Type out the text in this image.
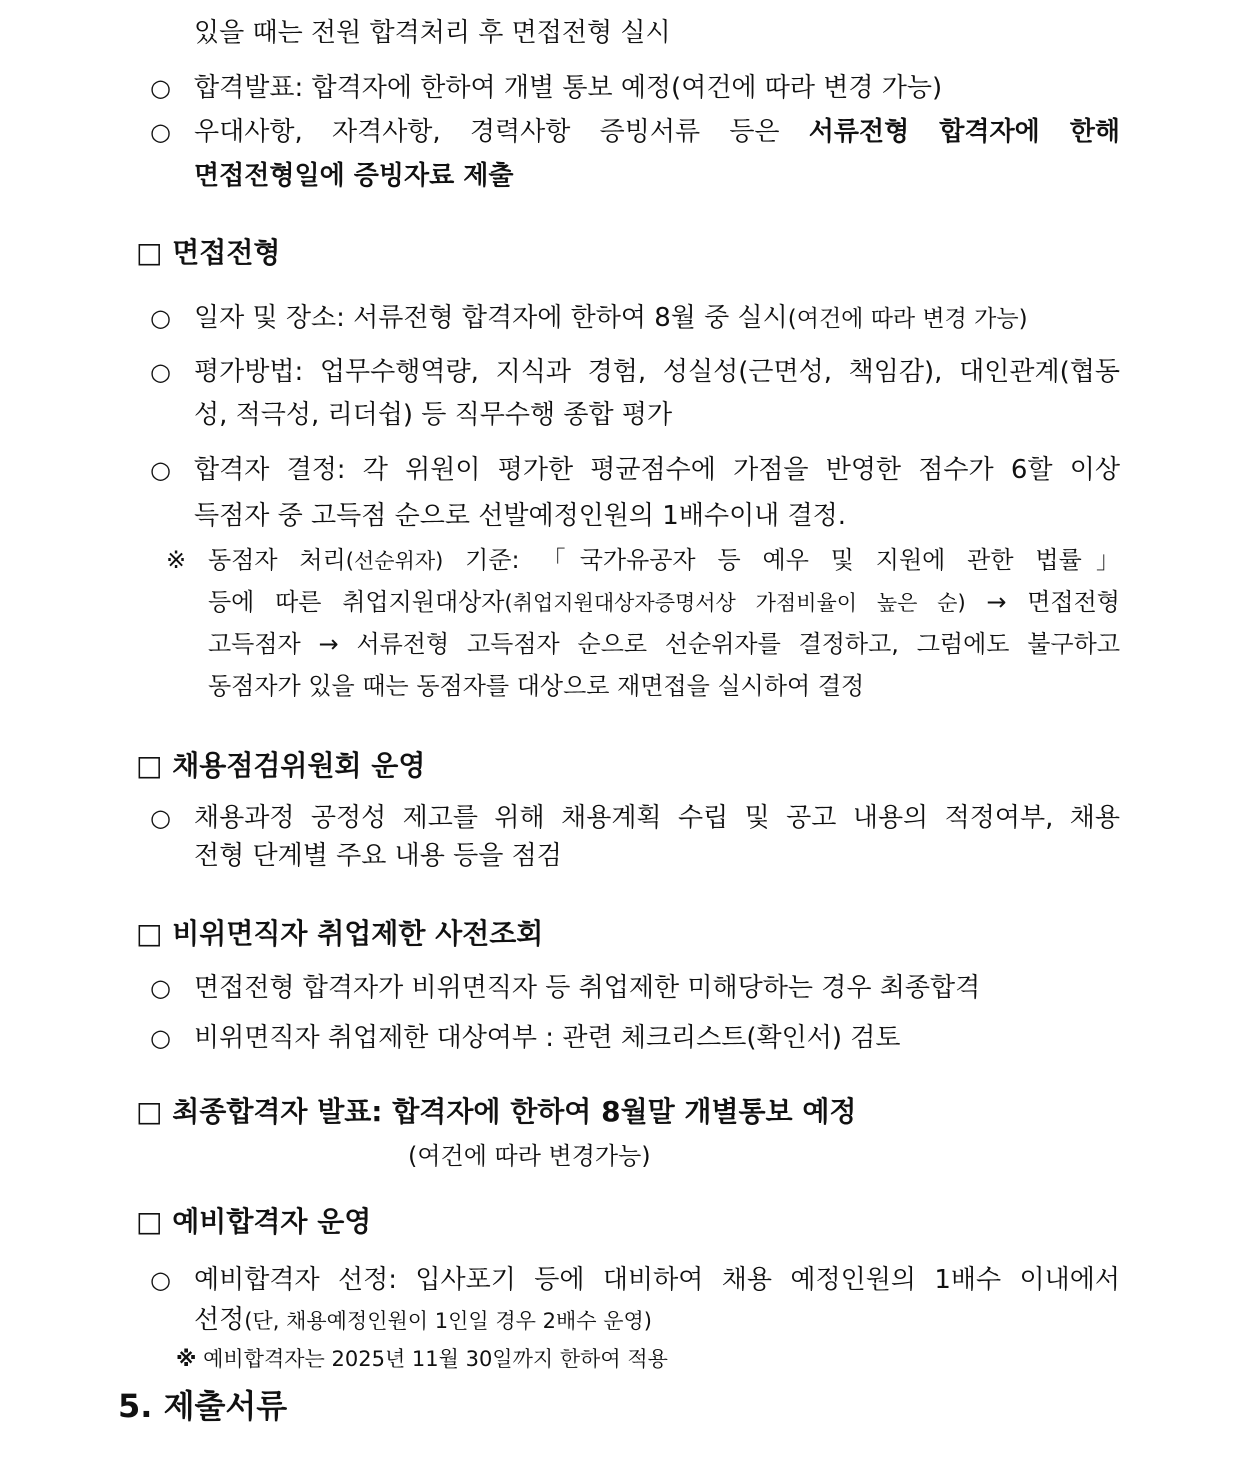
있을 때는 전원 합격처리 후 면접전형 실시
○ 합격발표: 합격자에 한하여 개별 통보 예정(여건에 따라 변경 가능)
○ 우대사항, 자격사항, 경력사항 증빙서류 등은 서류전형 합격자에 한해
면접전형일에 증빙자료 제출
□ 면접전형
○ 일자 및 장소: 서류전형 합격자에 한하여 8월 중 실시(여건에 따라 변경 가능)
○ 평가방법: 업무수행역량, 지식과 경험, 성실성(근면성, 책임감), 대인관계(협동
성, 적극성, 리더쉽) 등 직무수행 종합 평가
○ 합격자 결정: 각 위원이 평가한 평균점수에 가점을 반영한 점수가 6할 이상
득점자 중 고득점 순으로 선발예정인원의 1배수이내 결정.
※ 동점자 처리(선순위자) 기준: 「국가유공자 등 예우 및 지원에 관한 법률」
등에 따른 취업지원대상자(취업지원대상자증명서상 가점비율이 높은 순) → 면접전형
고득점자 → 서류전형 고득점자 순으로 선순위자를 결정하고, 그럼에도 불구하고
동점자가 있을 때는 동점자를 대상으로 재면접을 실시하여 결정
□ 채용점검위원회 운영
○ 채용과정 공정성 제고를 위해 채용계획 수립 및 공고 내용의 적정여부, 채용
전형 단계별 주요 내용 등을 점검
□ 비위면직자 취업제한 사전조회
○ 면접전형 합격자가 비위면직자 등 취업제한 미해당하는 경우 최종합격
○ 비위면직자 취업제한 대상여부 : 관련 체크리스트(확인서) 검토
□ 최종합격자 발표: 합격자에 한하여 8월말 개별통보 예정
(여건에 따라 변경가능)
□ 예비합격자 운영
○ 예비합격자 선정: 입사포기 등에 대비하여 채용 예정인원의 1배수 이내에서
선정(단, 채용예정인원이 1인일 경우 2배수 운영)
※ 예비합격자는 2025년 11월 30일까지 한하여 적용
5. 제출서류
